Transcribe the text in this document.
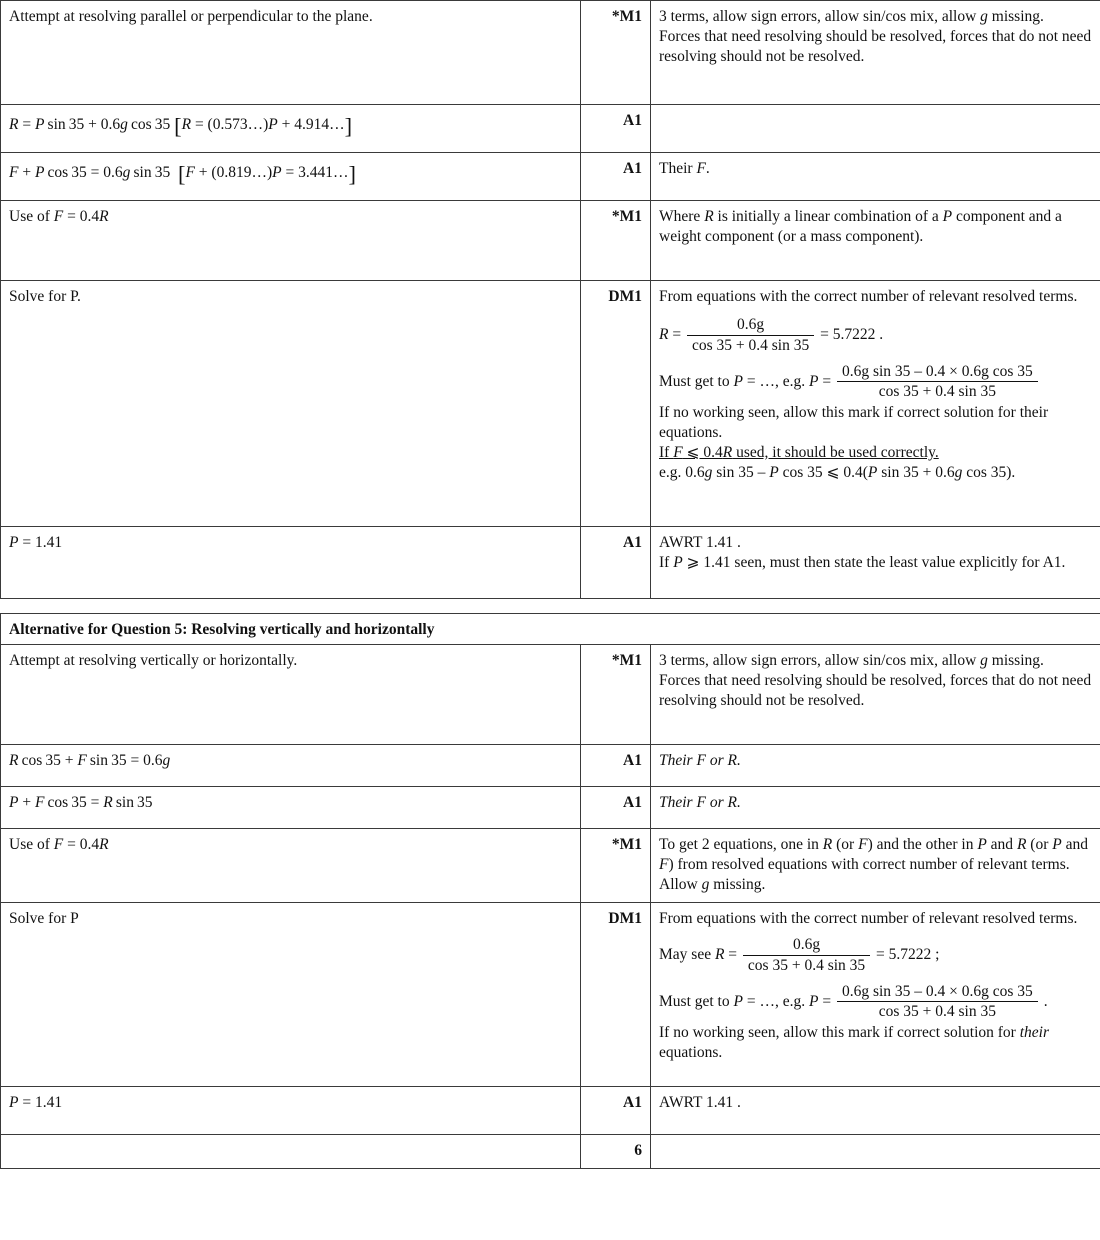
Attempt at resolving parallel or perpendicular to the plane.	*M1	3 terms, allow sign errors, allow sin/cos mix, allow g missing.

Forces that need resolving should be resolved, forces that do not need resolving should not be resolved.

R = P sin 35 + 0.6g cos 35 [R = (0.573…)P + 4.914…]	A1	
F + P cos 35 = 0.6g sin 35  [F + (0.819…)P = 3.441…]	A1	Their F.

Use of F = 0.4R	*M1	Where R is initially a linear combination of a P component and a weight component (or a mass component).

Solve for P.	DM1	From equations with the correct number of relevant resolved terms.

$R = \frac{0.6g}{\cos 35 + 0.4 \sin 35} = 5.7222$ .

Must get to P = …, e.g. $P = \frac{\text{0.6g sin 35 – 0.4 × 0.6g cos 35}}{\cos 35 + 0.4 \sin 35}$

If no working seen, allow this mark if correct solution for their equations.

If F ⩽ 0.4R used, it should be used correctly.

e.g. 0.6g sin 35 – P cos 35 ⩽ 0.4(P sin 35 + 0.6g cos 35).

P = 1.41	A1	AWRT 1.41 .

If P ⩾ 1.41 seen, must then state the least value explicitly for A1.

Alternative for Question 5: Resolving vertically and horizontally		
Attempt at resolving vertically or horizontally.	*M1	3 terms, allow sign errors, allow sin/cos mix, allow g missing.

Forces that need resolving should be resolved, forces that do not need resolving should not be resolved.

R cos 35 + F sin 35 = 0.6g	A1	Their F or R.

P + F cos 35 = R sin 35	A1	Their F or R.

Use of F = 0.4R	*M1	To get 2 equations, one in R (or F) and the other in P and R (or P and F) from resolved equations with correct number of relevant terms. Allow g missing.

Solve for P	DM1	From equations with the correct number of relevant resolved terms.

May see $R = \frac{0.6g}{\cos 35 + 0.4 \sin 35} = 5.7222$ ;

Must get to P = …, e.g. $P = \frac{\text{0.6g sin 35 – 0.4 × 0.6g cos 35}}{\cos 35 + 0.4 \sin 35}$ .

If no working seen, allow this mark if correct solution for their equations.

P = 1.41	A1	AWRT 1.41 .

	6	
